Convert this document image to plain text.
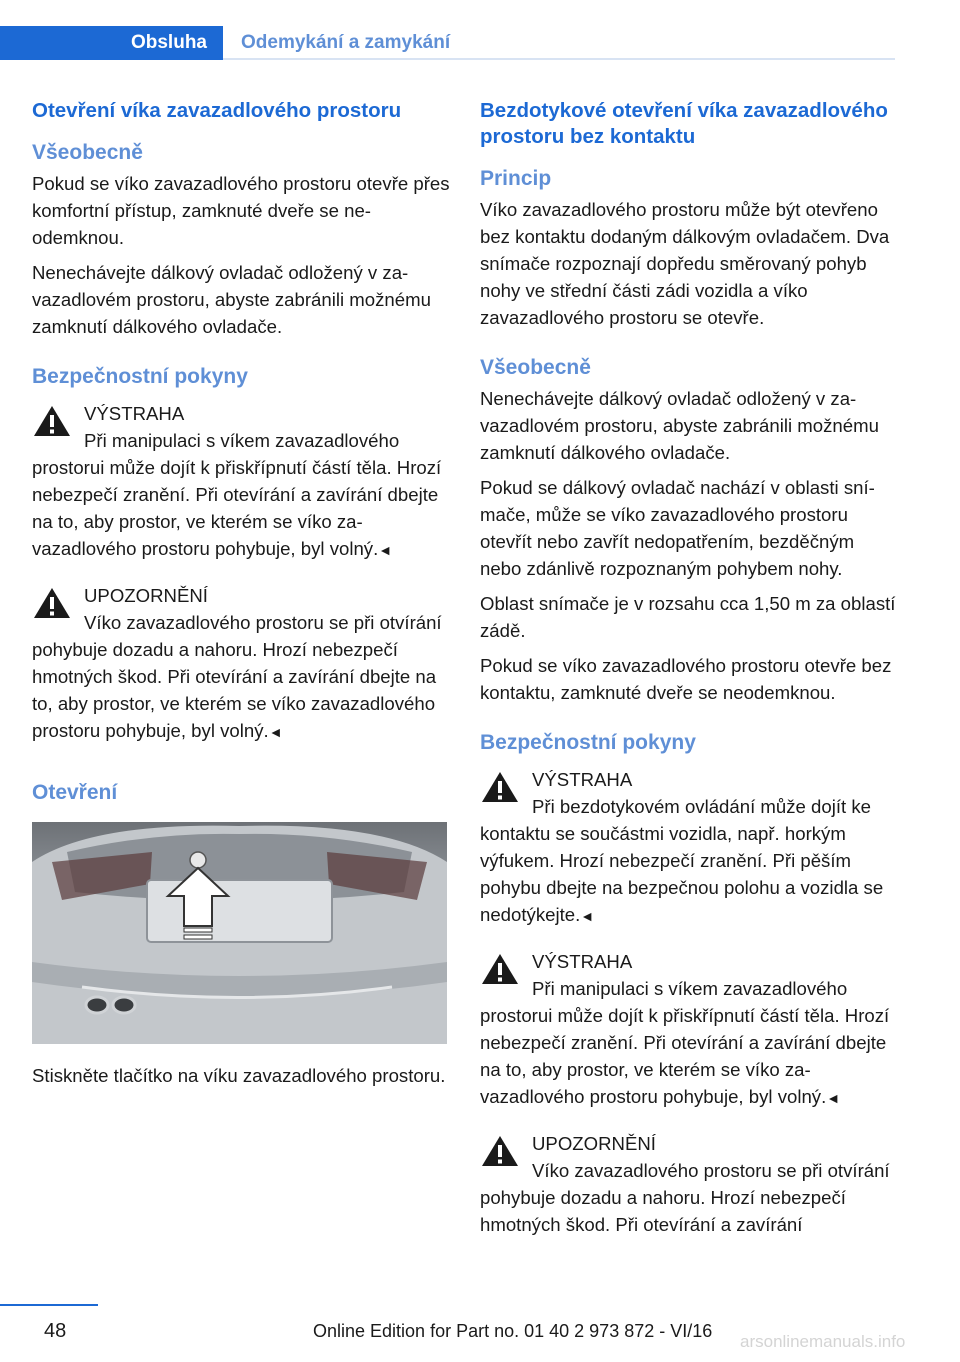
Obsluha	Odemykání a zamykání
Otevření víka zavazadlového prostoru
Všeobecně

Pokud se víko zavazadlového prostoru otevře přes komfortní přístup, zamknuté dveře se neodemknou.

Nenechávejte dálkový ovladač odložený v zavazadlovém prostoru, abyste zabránili možnému zamknutí dálkového ovladače.

Bezpečnostní pokyny
VÝSTRAHA
Při manipulaci s víkem zavazadlového prostorui může dojít k přiskřípnutí částí těla. Hrozí nebezpečí zranění. Při otevírání a zavírání dbejte na to, aby prostor, ve kterém se víko zavazadlového prostoru pohybuje, byl volný.◄
UPOZORNĚNÍ
Víko zavazadlového prostoru se při otvírání pohybuje dozadu a nahoru. Hrozí nebezpečí hmotných škod. Při otevírání a zavírání dbejte na to, aby prostor, ve kterém se víko zavazadlového prostoru pohybuje, byl volný.◄
Otevření

Stiskněte tlačítko na víku zavazadlového prostoru.

Bezdotykové otevření víka zavazadlového prostoru bez kontaktu
Princip

Víko zavazadlového prostoru může být otevřeno bez kontaktu dodaným dálkovým ovladačem. Dva snímače rozpoznají dopředu směrovaný pohyb nohy ve střední části zádi vozidla a víko zavazadlového prostoru se otevře.

Všeobecně

Nenechávejte dálkový ovladač odložený v zavazadlovém prostoru, abyste zabránili možnému zamknutí dálkového ovladače.

Pokud se dálkový ovladač nachází v oblasti snímače, může se víko zavazadlového prostoru otevřít nebo zavřít nedopatřením, bezděčným nebo zdánlivě rozpoznaným pohybem nohy.

Oblast snímače je v rozsahu cca 1,50 m za oblastí zádě.

Pokud se víko zavazadlového prostoru otevře bez kontaktu, zamknuté dveře se neodemknou.

Bezpečnostní pokyny
VÝSTRAHA
Při bezdotykovém ovládání může dojít ke kontaktu se součástmi vozidla, např. horkým výfukem. Hrozí nebezpečí zranění. Při pěším pohybu dbejte na bezpečnou polohu a vozidla se nedotýkejte.◄
VÝSTRAHA
Při manipulaci s víkem zavazadlového prostorui může dojít k přiskřípnutí částí těla. Hrozí nebezpečí zranění. Při otevírání a zavírání dbejte na to, aby prostor, ve kterém se víko zavazadlového prostoru pohybuje, byl volný.◄
UPOZORNĚNÍ
Víko zavazadlového prostoru se při otvírání pohybuje dozadu a nahoru. Hrozí nebezpečí hmotných škod. Při otevírání a zavírání
48	Online Edition for Part no. 01 40 2 973 872 - VI/16
arsonlinemanuals.info
